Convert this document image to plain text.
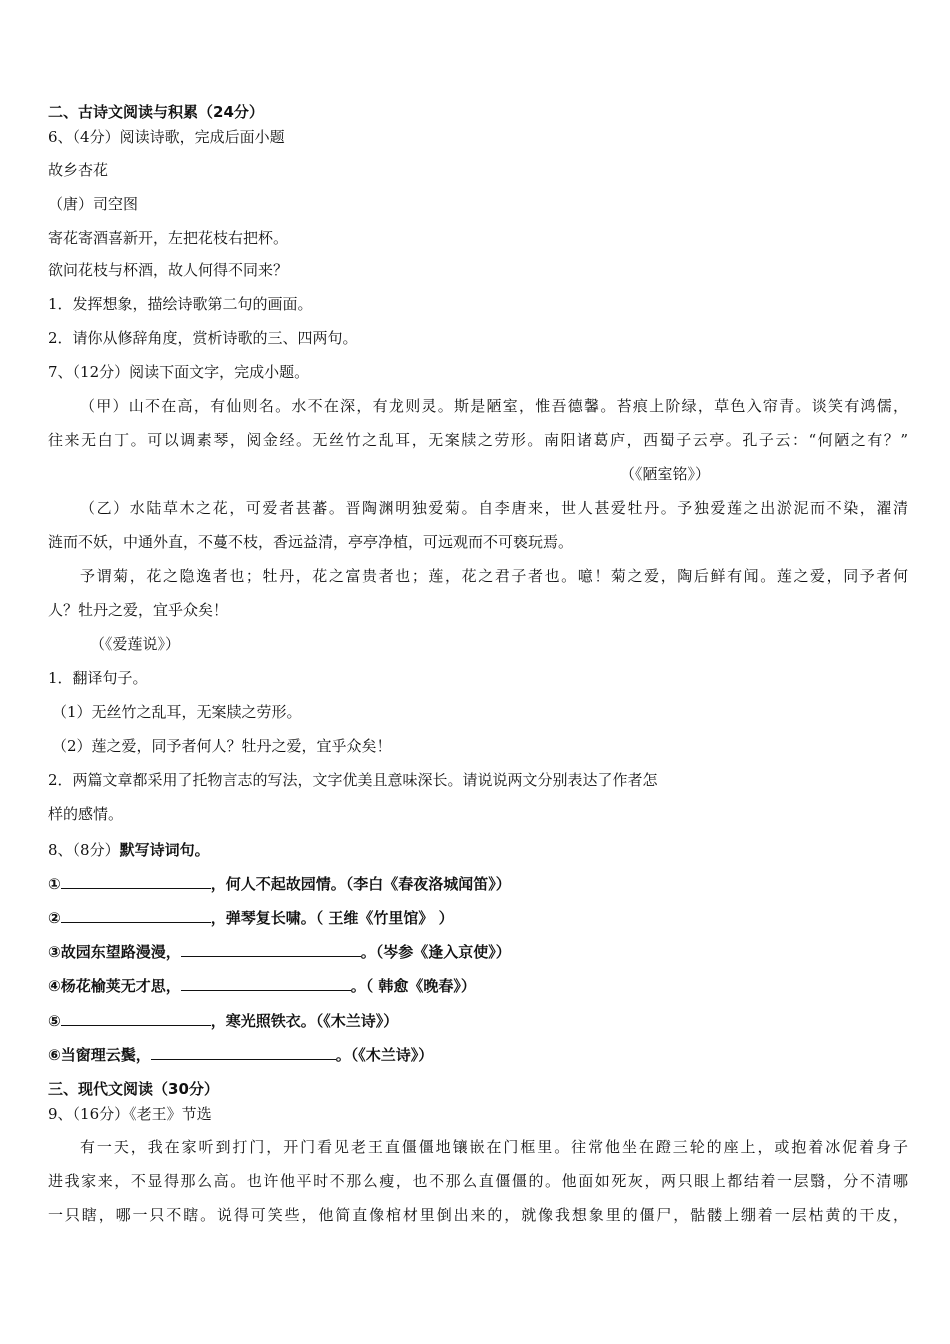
二、古诗文阅读与积累（24分）
6、（4分）阅读诗歌，完成后面小题
故乡杏花
（唐）司空图
寄花寄酒喜新开，左把花枝右把杯。
欲问花枝与杯酒，故人何得不同来？
1．发挥想象，描绘诗歌第二句的画面。
2．请你从修辞角度，赏析诗歌的三、四两句。
7、（12分）阅读下面文字，完成小题。
（甲）山不在高，有仙则名。水不在深，有龙则灵。斯是陋室，惟吾德馨。苔痕上阶绿，草色入帘青。谈笑有鸿儒，
往来无白丁。可以调素琴，阅金经。无丝竹之乱耳，无案牍之劳形。南阳诸葛庐，西蜀子云亭。孔子云：“何陋之有？”
（《陋室铭》）
（乙）水陆草木之花，可爱者甚蕃。晋陶渊明独爱菊。自李唐来，世人甚爱牡丹。予独爱莲之出淤泥而不染，濯清
涟而不妖，中通外直，不蔓不枝，香远益清，亭亭净植，可远观而不可亵玩焉。
予谓菊，花之隐逸者也；牡丹，花之富贵者也；莲，花之君子者也。噫！菊之爱，陶后鲜有闻。莲之爱，同予者何
人？牡丹之爱，宜乎众矣！
（《爱莲说》）
1．翻译句子。
（1）无丝竹之乱耳，无案牍之劳形。
（2）莲之爱，同予者何人？牡丹之爱，宜乎众矣！
2．两篇文章都采用了托物言志的写法，文字优美且意味深长。请说说两文分别表达了作者怎
样的感情。
8、（8分）默写诗词句。
①	，何人不起故园情。（李白《春夜洛城闻笛》）
②	，弹琴复长啸。（ 王维《竹里馆》 ）
③故园东望路漫漫，	。（岑参《逢入京使》）
④杨花榆荚无才思，	。（ 韩愈《晚春》）
⑤	，寒光照铁衣。（《木兰诗》）
⑥当窗理云鬓，	。（《木兰诗》）
三、现代文阅读（30分）
9、（16分）《老王》节选
有一天，我在家听到打门，开门看见老王直僵僵地镶嵌在门框里。往常他坐在蹬三轮的座上，或抱着冰伲着身子
进我家来，不显得那么高。也许他平时不那么瘦，也不那么直僵僵的。他面如死灰，两只眼上都结着一层翳，分不清哪
一只瞎，哪一只不瞎。说得可笑些，他简直像棺材里倒出来的，就像我想象里的僵尸，骷髅上绷着一层枯黄的干皮，
